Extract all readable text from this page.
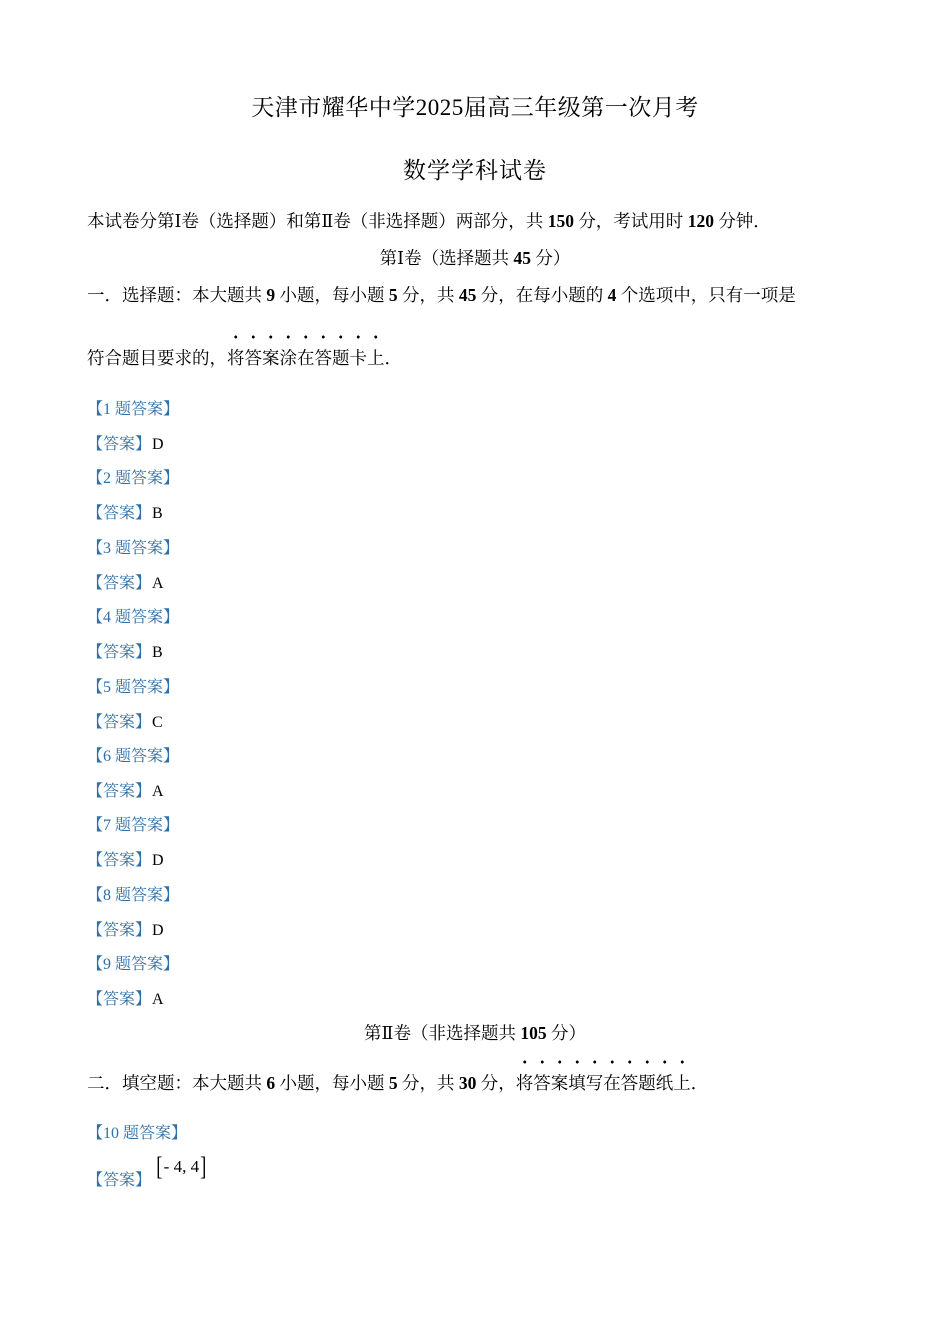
天津市耀华中学2025届高三年级第一次月考
数学学科试卷
本试卷分第Ⅰ卷（选择题）和第Ⅱ卷（非选择题）两部分，共 150 分，考试用时 120 分钟．
第Ⅰ卷（选择题共 45 分）
一．选择题：本大题共 9 小题，每小题 5 分，共 45 分，在每小题的 4 个选项中，只有一项是
符合题目要求的，将答案涂在答题卡上．
【1 题答案】
【答案】D
【2 题答案】
【答案】B
【3 题答案】
【答案】A
【4 题答案】
【答案】B
【5 题答案】
【答案】C
【6 题答案】
【答案】A
【7 题答案】
【答案】D
【8 题答案】
【答案】D
【9 题答案】
【答案】A
第Ⅱ卷（非选择题共 105 分）
二．填空题：本大题共 6 小题，每小题 5 分，共 30 分，将答案填写在答题纸上．
【10 题答案】
【答案】 [- 4, 4]
